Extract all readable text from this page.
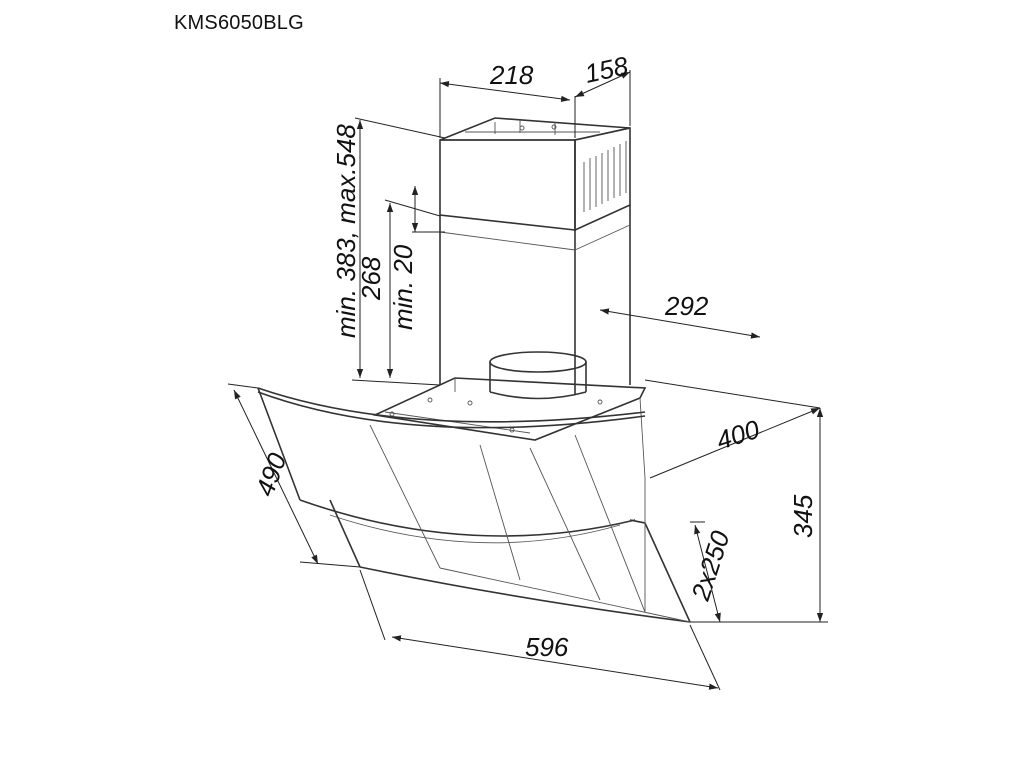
KMS6050BLG
218 158
min. 383, max.548
268 min. 20	292
400
345
490
2x250
596
